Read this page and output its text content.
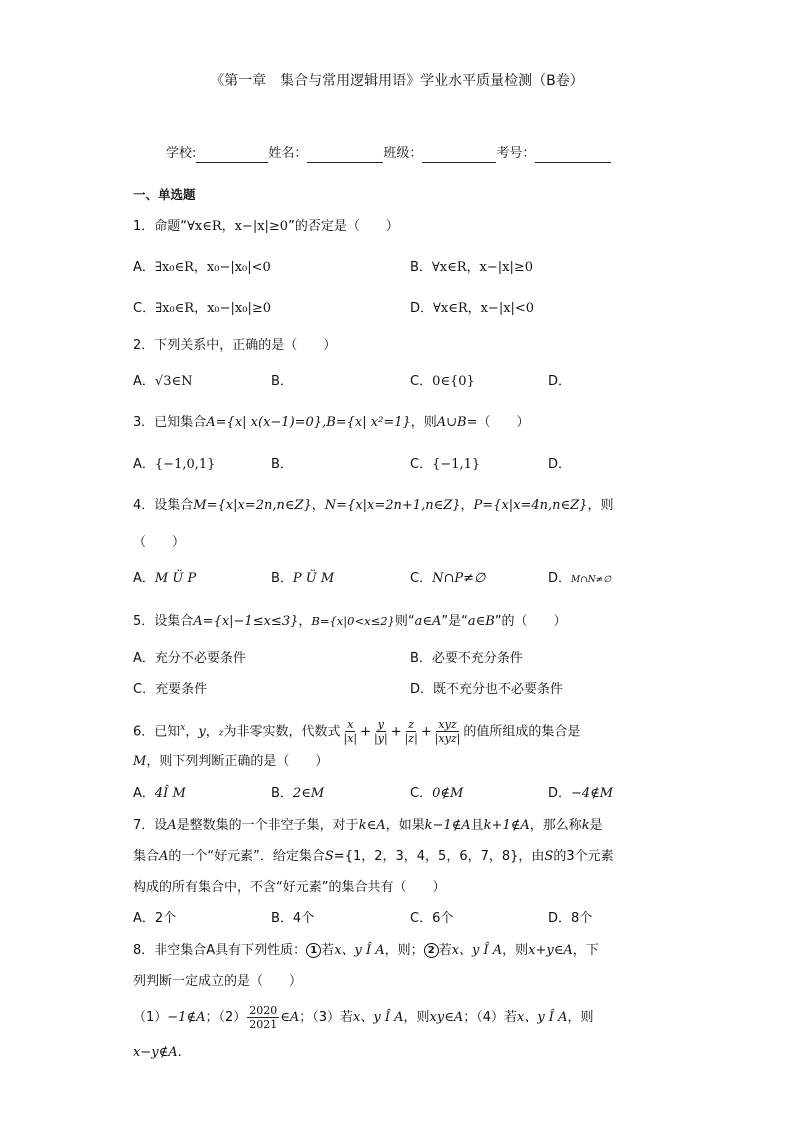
《第一章　集合与常用逻辑用语》学业水平质量检测（B卷）
学校:	姓名：	班级：	考号：
一、单选题
1．命题“∀x∈R，x−|x|≥0”的否定是（　　）
A．∃x₀∈R，x₀−|x₀|<0	B．∀x∈R，x−|x|≥0
C．∃x₀∈R，x₀−|x₀|≥0	D．∀x∈R，x−|x|<0
2．下列关系中，正确的是（　　）
A．√3∈N	B．	C．0∈{0}	D．
3．已知集合A={x| x(x−1)=0},B={x| x²=1}，则A∪B=（　　）
A．{−1,0,1}	B．	C．{−1,1}	D．
4．设集合M={x|x=2n,n∈Z}，N={x|x=2n+1,n∈Z}，P={x|x=4n,n∈Z}，则
（　　）
A．M Ü P	B．P Ü M	C．N∩P≠∅	D．M∩N≠∅
5．设集合A={x|−1≤x≤3}，B={x|0<x≤2}则“a∈A”是“a∈B”的（　　）
A．充分不必要条件	B．必要不充分条件
C．充要条件	D．既不充分也不必要条件
6．已知$^x$，y，z为非零实数，代数式 $\frac{x}{|x|} + \frac{y}{|y|} + \frac{z}{|z|} + \frac{\text{xyz}}{\text{|xyz|}}$ 的值所组成的集合是
M，则下列判断正确的是（　　）
A．4Î M	B．2∈M	C．0∉M	D．−4∉M
7．设A是整数集的一个非空子集，对于k∈A，如果k−1∉A且k+1∉A，那么称k是
集合A的一个“好元素”．给定集合S={1，2，3，4，5，6，7，8}，由S的3个元素
构成的所有集合中，不含“好元素”的集合共有（　　）
A．2个	B．4个	C．6个	D．8个
8．非空集合A具有下列性质： 1 若x、y Î A，则； 2 若x、y Î A，则x+y∈A，下
列判断一定成立的是（　　）
（1）−1∉A；$(2) \frac{2020}{2021}$ ∈A；（3）若x、y Î A，则xy∈A；（4）若x、y Î A，则
x−y∉A.
